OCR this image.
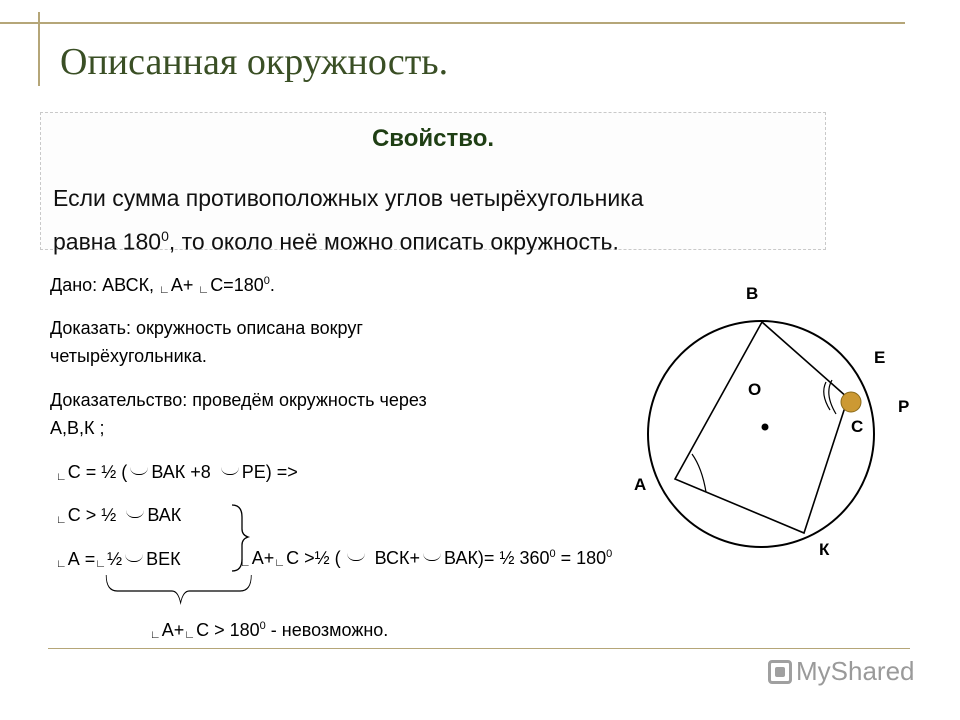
Описанная окружность.
Свойство.
Если сумма противоположных углов четырёхугольника
равна $180^0$, то около неё можно описать окружность.
Дано: АВСК, ∟А+ $∟С=180^0$.
Доказать: окружность описана вокруг
четырёхугольника.
Доказательство: проведём окружность через
А,В,К ;
∟С = ½ ( ВАК +8 РЕ) =>
∟С > ½ ВАК
∟А =∟½ ВЕК	∟А+∟С >½ ( ВСК+ ВАК)= ½ $360^0 = 180^0$
∟А+∟С > $180^0$ - невозможно.
В
Е
О
Р
С
А
К
MyShared
